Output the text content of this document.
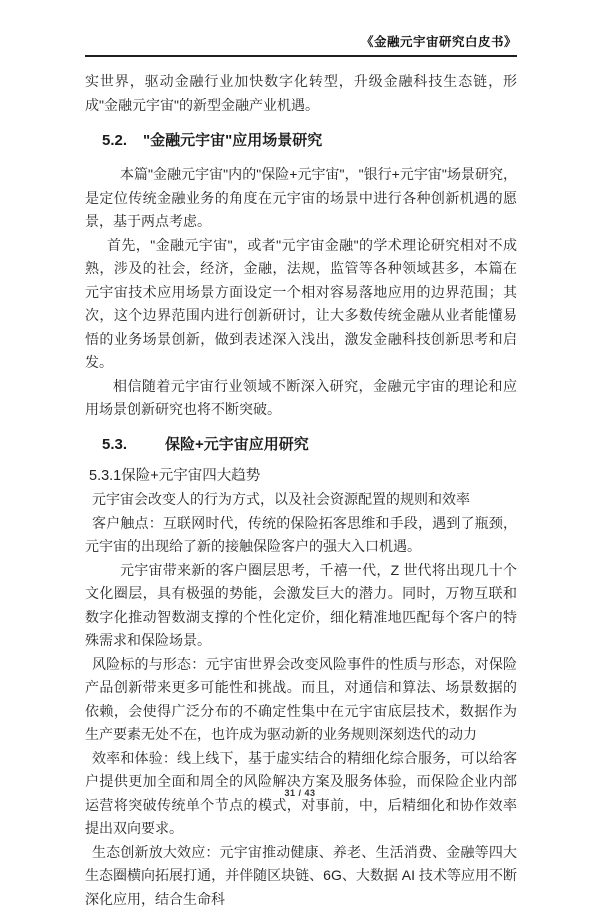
《金融元宇宙研究白皮书》

实世界，驱动金融行业加快数字化转型，升级金融科技生态链，形成"金融元宇宙"的新型金融产业机遇。

5.2. "金融元宇宙"应用场景研究

本篇"金融元宇宙"内的"保险+元宇宙"，"银行+元宇宙"场景研究，是定位传统金融业务的角度在元宇宙的场景中进行各种创新机遇的愿景，基于两点考虑。

首先，"金融元宇宙"，或者"元宇宙金融"的学术理论研究相对不成熟，涉及的社会，经济，金融，法规，监管等各种领域甚多，本篇在元宇宙技术应用场景方面设定一个相对容易落地应用的边界范围；其次，这个边界范围内进行创新研讨，让大多数传统金融从业者能懂易悟的业务场景创新，做到表述深入浅出，激发金融科技创新思考和启发。

相信随着元宇宙行业领域不断深入研究，金融元宇宙的理论和应用场景创新研究也将不断突破。

5.3.	保险+元宇宙应用研究

5.3.1保险+元宇宙四大趋势

元宇宙会改变人的行为方式，以及社会资源配置的规则和效率

客户触点：互联网时代，传统的保险拓客思维和手段，遇到了瓶颈，元宇宙的出现给了新的接触保险客户的强大入口机遇。

元宇宙带来新的客户圈层思考，千禧一代，Z 世代将出现几十个文化圈层，具有极强的势能，会激发巨大的潜力。同时，万物互联和数字化推动智数湖支撑的个性化定价，细化精准地匹配每个客户的特殊需求和保险场景。

风险标的与形态：元宇宙世界会改变风险事件的性质与形态，对保险产品创新带来更多可能性和挑战。而且，对通信和算法、场景数据的依赖，会使得广泛分布的不确定性集中在元宇宙底层技术，数据作为生产要素无处不在，也许成为驱动新的业务规则深刻迭代的动力

效率和体验：线上线下，基于虚实结合的精细化综合服务，可以给客户提供更加全面和周全的风险解决方案及服务体验，而保险企业内部运营将突破传统单个节点的模式，对事前，中，后精细化和协作效率提出双向要求。

生态创新放大效应：元宇宙推动健康、养老、生活消费、金融等四大生态圈横向拓展打通，并伴随区块链、6G、大数据 AI 技术等应用不断深化应用，结合生命科

31 / 43
